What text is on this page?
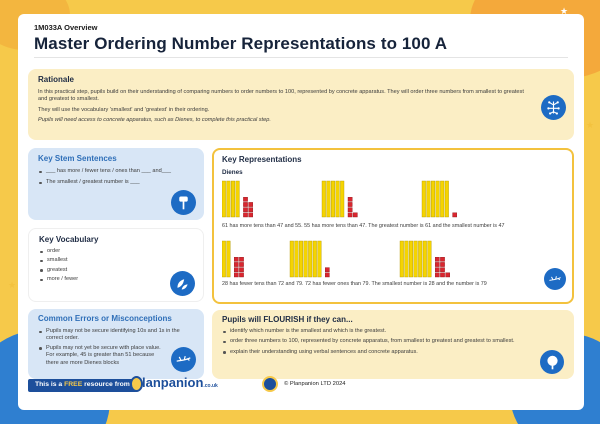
1M033A Overview
Master Ordering Number Representations to 100 A
Rationale
In this practical step, pupils build on their understanding of comparing numbers to order numbers to 100, represented by concrete apparatus. They will order three numbers from smallest to greatest and greatest to smallest.
They will use the vocabulary 'smallest' and 'greatest' in their ordering.
Pupils will need access to concrete apparatus, such as Dienes, to complete this practical step.
Key Stem Sentences
___ has more / fewer tens / ones than ___ and___
The smallest / greatest number is ___
Key Vocabulary
order
smallest
greatest
more / fewer
Common Errors or Misconceptions
Pupils may not be secure identifying 10s and 1s in the correct order.
Pupils may not yet be secure with place value. For example, 45 is greater than 51 because there are more Dienes blocks
Key Representations
Dienes
61 has more tens than 47 and 55. 55 has more tens than 47. The greatest number is 61 and the smallest number is 47
28 has fewer tens than 72 and 79. 72 has fewer ones than 79. The smallest number is 28 and the number is 79
Pupils will FLOURISH if they can...
identify which number is the smallest and which is the greatest.
order three numbers to 100, represented by concrete apparatus, from smallest to greatest and greatest to smallest.
explain their understanding using verbal sentences and concrete apparatus.
This is a FREE resource from lanpanion.co.uk	© Planpanion LTD 2024
★
★
★
